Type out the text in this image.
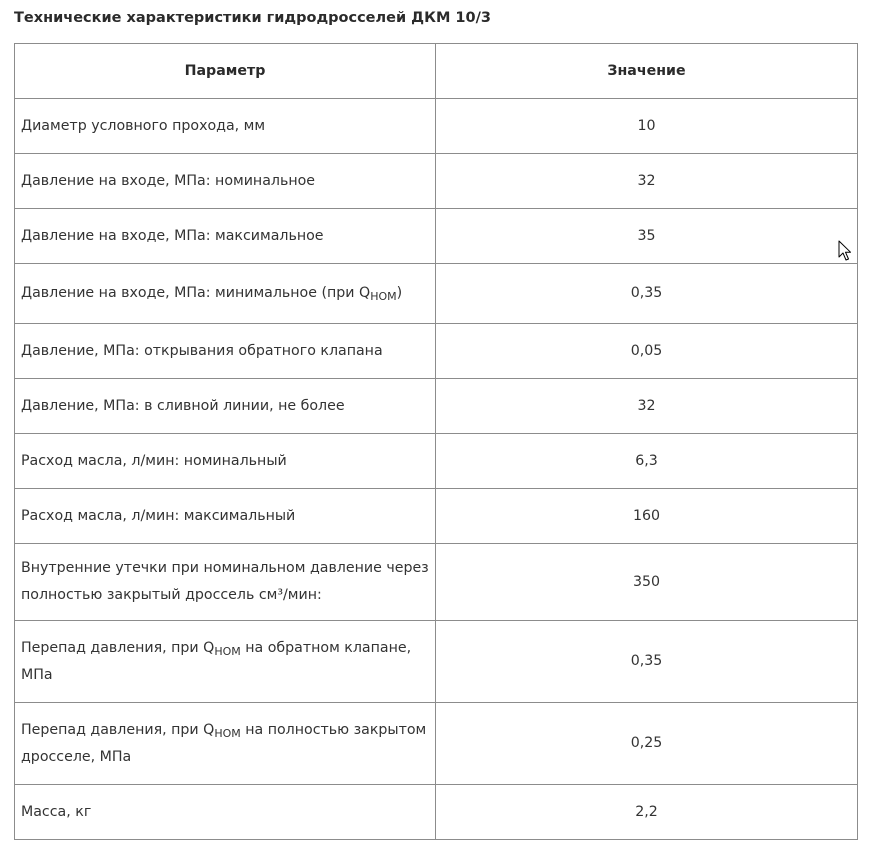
Технические характеристики гидродросселей ДКМ 10/3
Параметр	Значение
Диаметр условного прохода, мм	10
Давление на входе, МПа: номинальное	32
Давление на входе, МПа: максимальное	35
Давление на входе, МПа: минимальное (при $Q_{НОМ}$)	0,35
Давление, МПа: открывания обратного клапана	0,05
Давление, МПа: в сливной линии, не более	32
Расход масла, л/мин: номинальный	6,3
Расход масла, л/мин: максимальный	160
Внутренние утечки при номинальном давление через полностью закрытый дроссель см³/мин:	350
Перепад давления, при $Q_{НОМ}$ на обратном клапане, МПа	0,35
Перепад давления, при $Q_{НОМ}$ на полностью закрытом дросселе, МПа	0,25
Масса, кг	2,2
